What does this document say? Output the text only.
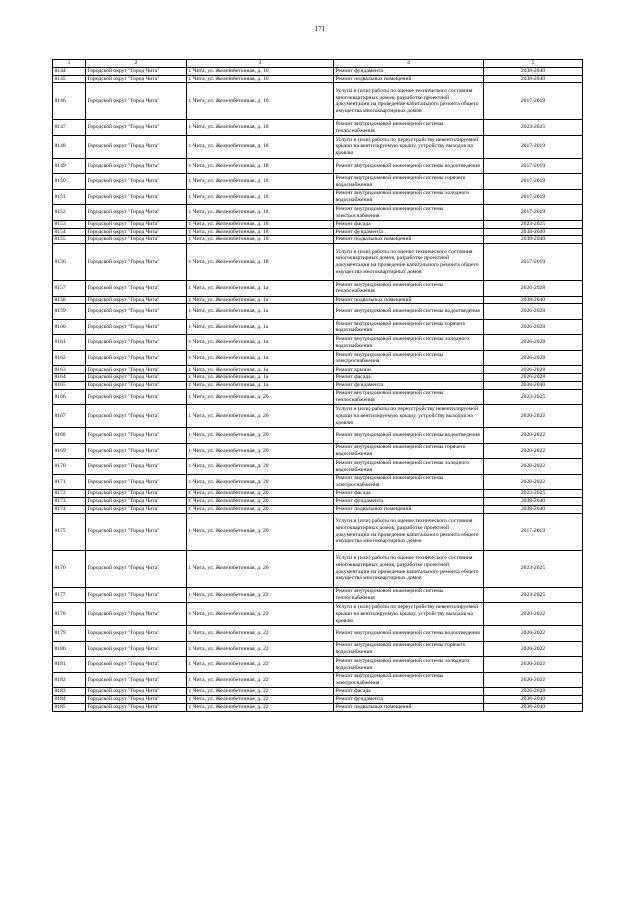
171
1	2	3	4	5
8144	Городской округ "Город Чита"	г. Чита, ул. Железобетонная, д. 16	Ремонт фундамента	2038-2040
8145	Городской округ "Город Чита"	г. Чита, ул. Железобетонная, д. 16	Ремонт подвальных помещений	2038-2040
8146	Городской округ "Город Чита"	г. Чита, ул. Железобетонная, д. 16	Услуги и (или) работы по оценке технического состояния многоквартирных домов, разработке проектной документации на проведение капитального ремонта общего имущества многоквартирных домов	2017-2019
8147	Городской округ "Город Чита"	г. Чита, ул. Железобетонная, д. 18	Ремонт внутридомовой инженерной системы теплоснабжения	2023-2025
8148	Городской округ "Город Чита"	г. Чита, ул. Железобетонная, д. 18	Услуги и (или) работы по переустройству невентилируемой крыши на вентилируемую крышу, устройству выходов на кровлю	2017-2019
8149	Городской округ "Город Чита"	г. Чита, ул. Железобетонная, д. 18	Ремонт внутридомовой инженерной системы водоотведения	2017-2019
8150	Городской округ "Город Чита"	г. Чита, ул. Железобетонная, д. 18	Ремонт внутридомовой инженерной системы горячего водоснабжения	2017-2019
8151	Городской округ "Город Чита"	г. Чита, ул. Железобетонная, д. 18	Ремонт внутридомовой инженерной системы холодного водоснабжения	2017-2019
8152	Городской округ "Город Чита"	г. Чита, ул. Железобетонная, д. 18	Ремонт внутридомовой инженерной системы электроснабжения	2017-2019
8153	Городской округ "Город Чита"	г. Чита, ул. Железобетонная, д. 18	Ремонт фасада	2023-2025
8154	Городской округ "Город Чита"	г. Чита, ул. Железобетонная, д. 18	Ремонт фундамента	2038-2040
8155	Городской округ "Город Чита"	г. Чита, ул. Железобетонная, д. 18	Ремонт подвальных помещений	2038-2040
8156	Городской округ "Город Чита"	г. Чита, ул. Железобетонная, д. 18	Услуги и (или) работы по оценке технического состояния многоквартирных домов, разработке проектной документации на проведение капитального ремонта общего имущества многоквартирных домов	2017-2019
8157	Городской округ "Город Чита"	г. Чита, ул. Железобетонная, д. 1а	Ремонт внутридомовой инженерной системы теплоснабжения	2026-2028
8158	Городской округ "Город Чита"	г. Чита, ул. Железобетонная, д. 1а	Ремонт подвальных помещений	2038-2040
8159	Городской округ "Город Чита"	г. Чита, ул. Железобетонная, д. 1а	Ремонт внутридомовой инженерной системы водоотведения	2026-2028
8160	Городской округ "Город Чита"	г. Чита, ул. Железобетонная, д. 1а	Ремонт внутридомовой инженерной системы горячего водоснабжения	2026-2028
8161	Городской округ "Город Чита"	г. Чита, ул. Железобетонная, д. 1а	Ремонт внутридомовой инженерной системы холодного водоснабжения	2026-2028
8162	Городской округ "Город Чита"	г. Чита, ул. Железобетонная, д. 1а	Ремонт внутридомовой инженерной системы электроснабжения	2026-2028
8163	Городской округ "Город Чита"	г. Чита, ул. Железобетонная, д. 1а	Ремонт крыши	2026-2028
8164	Городской округ "Город Чита"	г. Чита, ул. Железобетонная, д. 1а	Ремонт фасада	2026-2028
8165	Городской округ "Город Чита"	г. Чита, ул. Железобетонная, д. 1а	Ремонт фундамента	2038-2040
8166	Городской округ "Город Чита"	г. Чита, ул. Железобетонная, д. 20	Ремонт внутридомовой инженерной системы теплоснабжения	2023-2025
8167	Городской округ "Город Чита"	г. Чита, ул. Железобетонная, д. 20	Услуги и (или) работы по переустройству невентилируемой крыши на вентилируемую крышу, устройству выходов на кровлю	2020-2022
8168	Городской округ "Город Чита"	г. Чита, ул. Железобетонная, д. 20	Ремонт внутридомовой инженерной системы водоотведения	2020-2022
8169	Городской округ "Город Чита"	г. Чита, ул. Железобетонная, д. 20	Ремонт внутридомовой инженерной системы горячего водоснабжения	2020-2022
8170	Городской округ "Город Чита"	г. Чита, ул. Железобетонная, д. 20	Ремонт внутридомовой инженерной системы холодного водоснабжения	2020-2022
8171	Городской округ "Город Чита"	г. Чита, ул. Железобетонная, д. 20	Ремонт внутридомовой инженерной системы электроснабжения	2020-2022
8172	Городской округ "Город Чита"	г. Чита, ул. Железобетонная, д. 20	Ремонт фасада	2023-2025
8173	Городской округ "Город Чита"	г. Чита, ул. Железобетонная, д. 20	Ремонт фундамента	2038-2040
8174	Городской округ "Город Чита"	г. Чита, ул. Железобетонная, д. 20	Ремонт подвальных помещений	2038-2040
8175	Городской округ "Город Чита"	г. Чита, ул. Железобетонная, д. 20	Услуги и (или) работы по оценке технического состояния многоквартирных домов, разработке проектной документации на проведение капитального ремонта общего имущества многоквартирных домов	2017-2019
8176	Городской округ "Город Чита"	г. Чита, ул. Железобетонная, д. 20	Услуги и (или) работы по оценке технического состояния многоквартирных домов, разработке проектной документации на проведение капитального ремонта общего имущества многоквартирных домов	2023-2025
8177	Городской округ "Город Чита"	г. Чита, ул. Железобетонная, д. 22	Ремонт внутридомовой инженерной системы теплоснабжения	2023-2025
8178	Городской округ "Город Чита"	г. Чита, ул. Железобетонная, д. 22	Услуги и (или) работы по переустройству невентилируемой крыши на вентилируемую крышу, устройству выходов на кровлю	2020-2022
8179	Городской округ "Город Чита"	г. Чита, ул. Железобетонная, д. 22	Ремонт внутридомовой инженерной системы водоотведения	2020-2022
8180	Городской округ "Город Чита"	г. Чита, ул. Железобетонная, д. 22	Ремонт внутридомовой инженерной системы горячего водоснабжения	2020-2022
8181	Городской округ "Город Чита"	г. Чита, ул. Железобетонная, д. 22	Ремонт внутридомовой инженерной системы холодного водоснабжения	2020-2022
8182	Городской округ "Город Чита"	г. Чита, ул. Железобетонная, д. 22	Ремонт внутридомовой инженерной системы электроснабжения	2020-2022
8183	Городской округ "Город Чита"	г. Чита, ул. Железобетонная, д. 22	Ремонт фасада	2026-2028
8184	Городской округ "Город Чита"	г. Чита, ул. Железобетонная, д. 22	Ремонт фундамента	2038-2040
8185	Городской округ "Город Чита"	г. Чита, ул. Железобетонная, д. 22	Ремонт подвальных помещений	2038-2040
